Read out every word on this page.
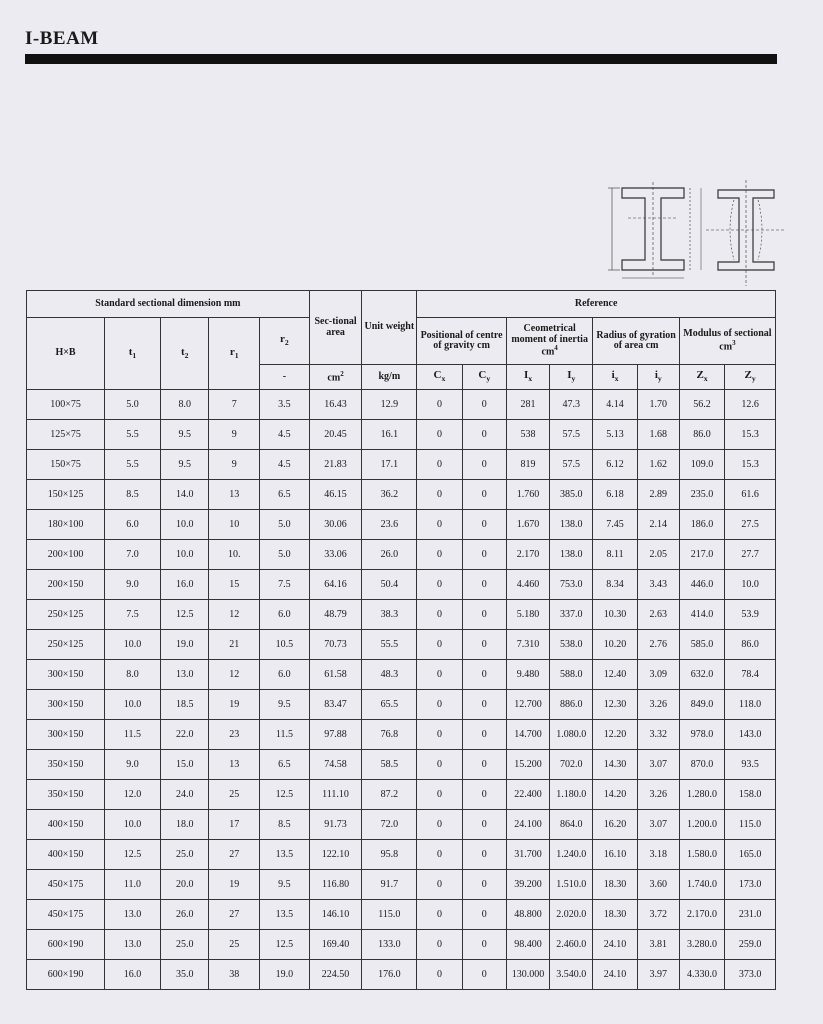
I-BEAM
Standard sectional dimension mm					Sec-tional area	Unit weight	Reference							
H×B	$t_1$	$t_2$	$r_1$	$r_2$			Positional of centre of gravity cm		Ceometrical moment of inertia $cm^4$		Radius of gyration of area cm		Modulus of sectional $cm^3$
				-	$cm^2$	kg/m	$C_x$	$C_y$	$I_x$	$I_y$	$i_x$	$i_y$	$Z_x$	$Z_y$
100×75	5.0	8.0	7	3.5	16.43	12.9	0	0	281	47.3	4.14	1.70	56.2	12.6
125×75	5.5	9.5	9	4.5	20.45	16.1	0	0	538	57.5	5.13	1.68	86.0	15.3
150×75	5.5	9.5	9	4.5	21.83	17.1	0	0	819	57.5	6.12	1.62	109.0	15.3
150×125	8.5	14.0	13	6.5	46.15	36.2	0	0	1.760	385.0	6.18	2.89	235.0	61.6
180×100	6.0	10.0	10	5.0	30.06	23.6	0	0	1.670	138.0	7.45	2.14	186.0	27.5
200×100	7.0	10.0	10.	5.0	33.06	26.0	0	0	2.170	138.0	8.11	2.05	217.0	27.7
200×150	9.0	16.0	15	7.5	64.16	50.4	0	0	4.460	753.0	8.34	3.43	446.0	10.0
250×125	7.5	12.5	12	6.0	48.79	38.3	0	0	5.180	337.0	10.30	2.63	414.0	53.9
250×125	10.0	19.0	21	10.5	70.73	55.5	0	0	7.310	538.0	10.20	2.76	585.0	86.0
300×150	8.0	13.0	12	6.0	61.58	48.3	0	0	9.480	588.0	12.40	3.09	632.0	78.4
300×150	10.0	18.5	19	9.5	83.47	65.5	0	0	12.700	886.0	12.30	3.26	849.0	118.0
300×150	11.5	22.0	23	11.5	97.88	76.8	0	0	14.700	1.080.0	12.20	3.32	978.0	143.0
350×150	9.0	15.0	13	6.5	74.58	58.5	0	0	15.200	702.0	14.30	3.07	870.0	93.5
350×150	12.0	24.0	25	12.5	111.10	87.2	0	0	22.400	1.180.0	14.20	3.26	1.280.0	158.0
400×150	10.0	18.0	17	8.5	91.73	72.0	0	0	24.100	864.0	16.20	3.07	1.200.0	115.0
400×150	12.5	25.0	27	13.5	122.10	95.8	0	0	31.700	1.240.0	16.10	3.18	1.580.0	165.0
450×175	11.0	20.0	19	9.5	116.80	91.7	0	0	39.200	1.510.0	18.30	3.60	1.740.0	173.0
450×175	13.0	26.0	27	13.5	146.10	115.0	0	0	48.800	2.020.0	18.30	3.72	2.170.0	231.0
600×190	13.0	25.0	25	12.5	169.40	133.0	0	0	98.400	2.460.0	24.10	3.81	3.280.0	259.0
600×190	16.0	35.0	38	19.0	224.50	176.0	0	0	130.000	3.540.0	24.10	3.97	4.330.0	373.0
